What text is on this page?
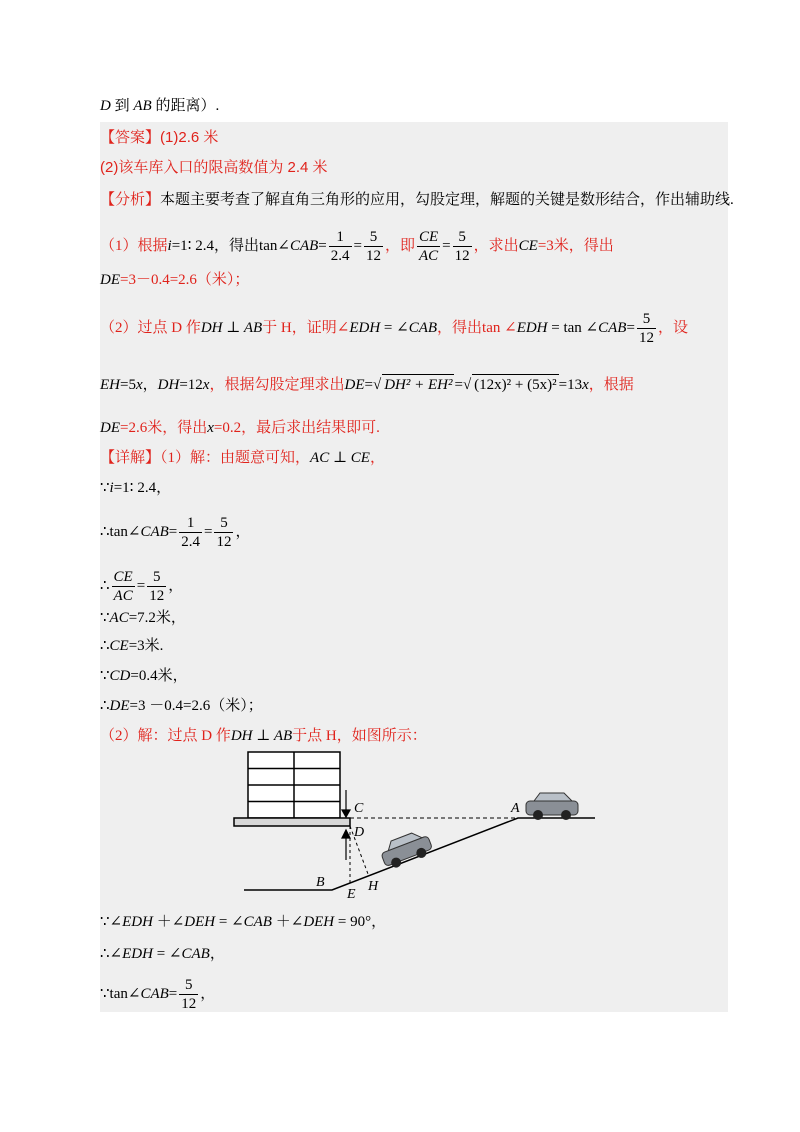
D 到 AB 的距离）.
【答案】(1)2.6 米
(2)该车库入口的限高数值为 2.4 米
【分析】本题主要考查了解直角三角形的应用，勾股定理，解题的关键是数形结合，作出辅助线.
（1）根据i=1∶ 2.4，得出tan∠CAB= $\frac{1}{2.4} = \frac{5}{12}$ ，即 $\frac{CE}{AC} = \frac{5}{12}$ ，求出CE=3米，得出
DE=3－0.4=2.6（米）；
（2）过点 D 作DH ⊥ AB于 H，证明∠EDH = ∠CAB，得出tan ∠EDH = tan ∠CAB= $\frac{5}{12}$ ，设
EH=5x，DH=12x，根据勾股定理求出DE=√ DH² + EH² =√ (12x)² + (5x)² =13x，根据
DE=2.6米，得出x=0.2，最后求出结果即可.
【详解】（1）解：由题意可知，AC ⊥ CE，
∵i=1∶ 2.4，
∴tan∠CAB= $\frac{1}{2.4} = \frac{5}{12}$ ，
∴ $\frac{CE}{AC} = \frac{5}{12}$ ，
∵AC=7.2米，
∴CE=3米.
∵CD=0.4米，
∴DE=3 －0.4=2.6（米）；
（2）解：过点 D 作DH ⊥ AB于点 H，如图所示：
C
D
A
B
E
H
∵∠EDH ＋∠DEH = ∠CAB ＋∠DEH = 90°，
∴∠EDH = ∠CAB，
∵tan∠CAB= $\frac{5}{12}$ ，
